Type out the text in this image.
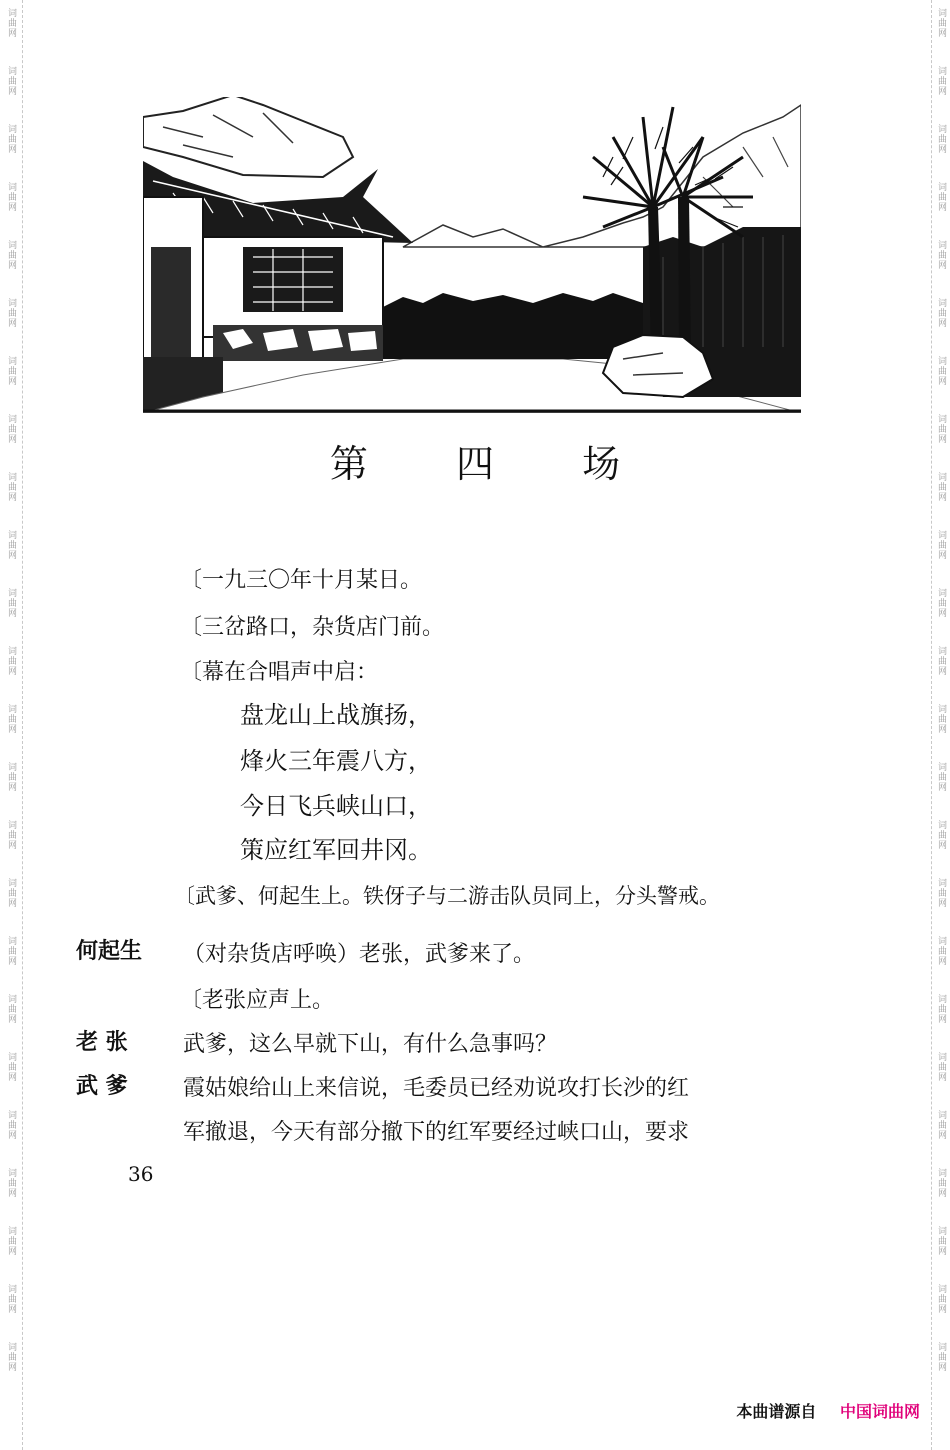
词曲网
词曲网
词曲网
词曲网
词曲网
词曲网
词曲网
词曲网
词曲网
词曲网
词曲网
词曲网
词曲网
词曲网
词曲网
词曲网
词曲网
词曲网
词曲网
词曲网
词曲网
词曲网
词曲网
词曲网
词曲网
词曲网
词曲网
词曲网
词曲网
词曲网
词曲网
词曲网
词曲网
词曲网
词曲网
词曲网
词曲网
词曲网
词曲网
词曲网
词曲网
词曲网
词曲网
词曲网
词曲网
词曲网
词曲网
词曲网
第 四 场
〔一九三〇年十月某日。
〔三岔路口，杂货店门前。
〔幕在合唱声中启：
盘龙山上战旗扬，
烽火三年震八方，
今日飞兵峡山口，
策应红军回井冈。
〔武爹、何起生上。铁伢子与二游击队员同上，分头警戒。
何起生 （对杂货店呼唤）老张，武爹来了。
〔老张应声上。
老 张	武爹，这么早就下山，有什么急事吗？
武 爹	霞姑娘给山上来信说，毛委员已经劝说攻打长沙的红
军撤退，今天有部分撤下的红军要经过峡口山，要求
36
本曲谱源自 中国词曲网
